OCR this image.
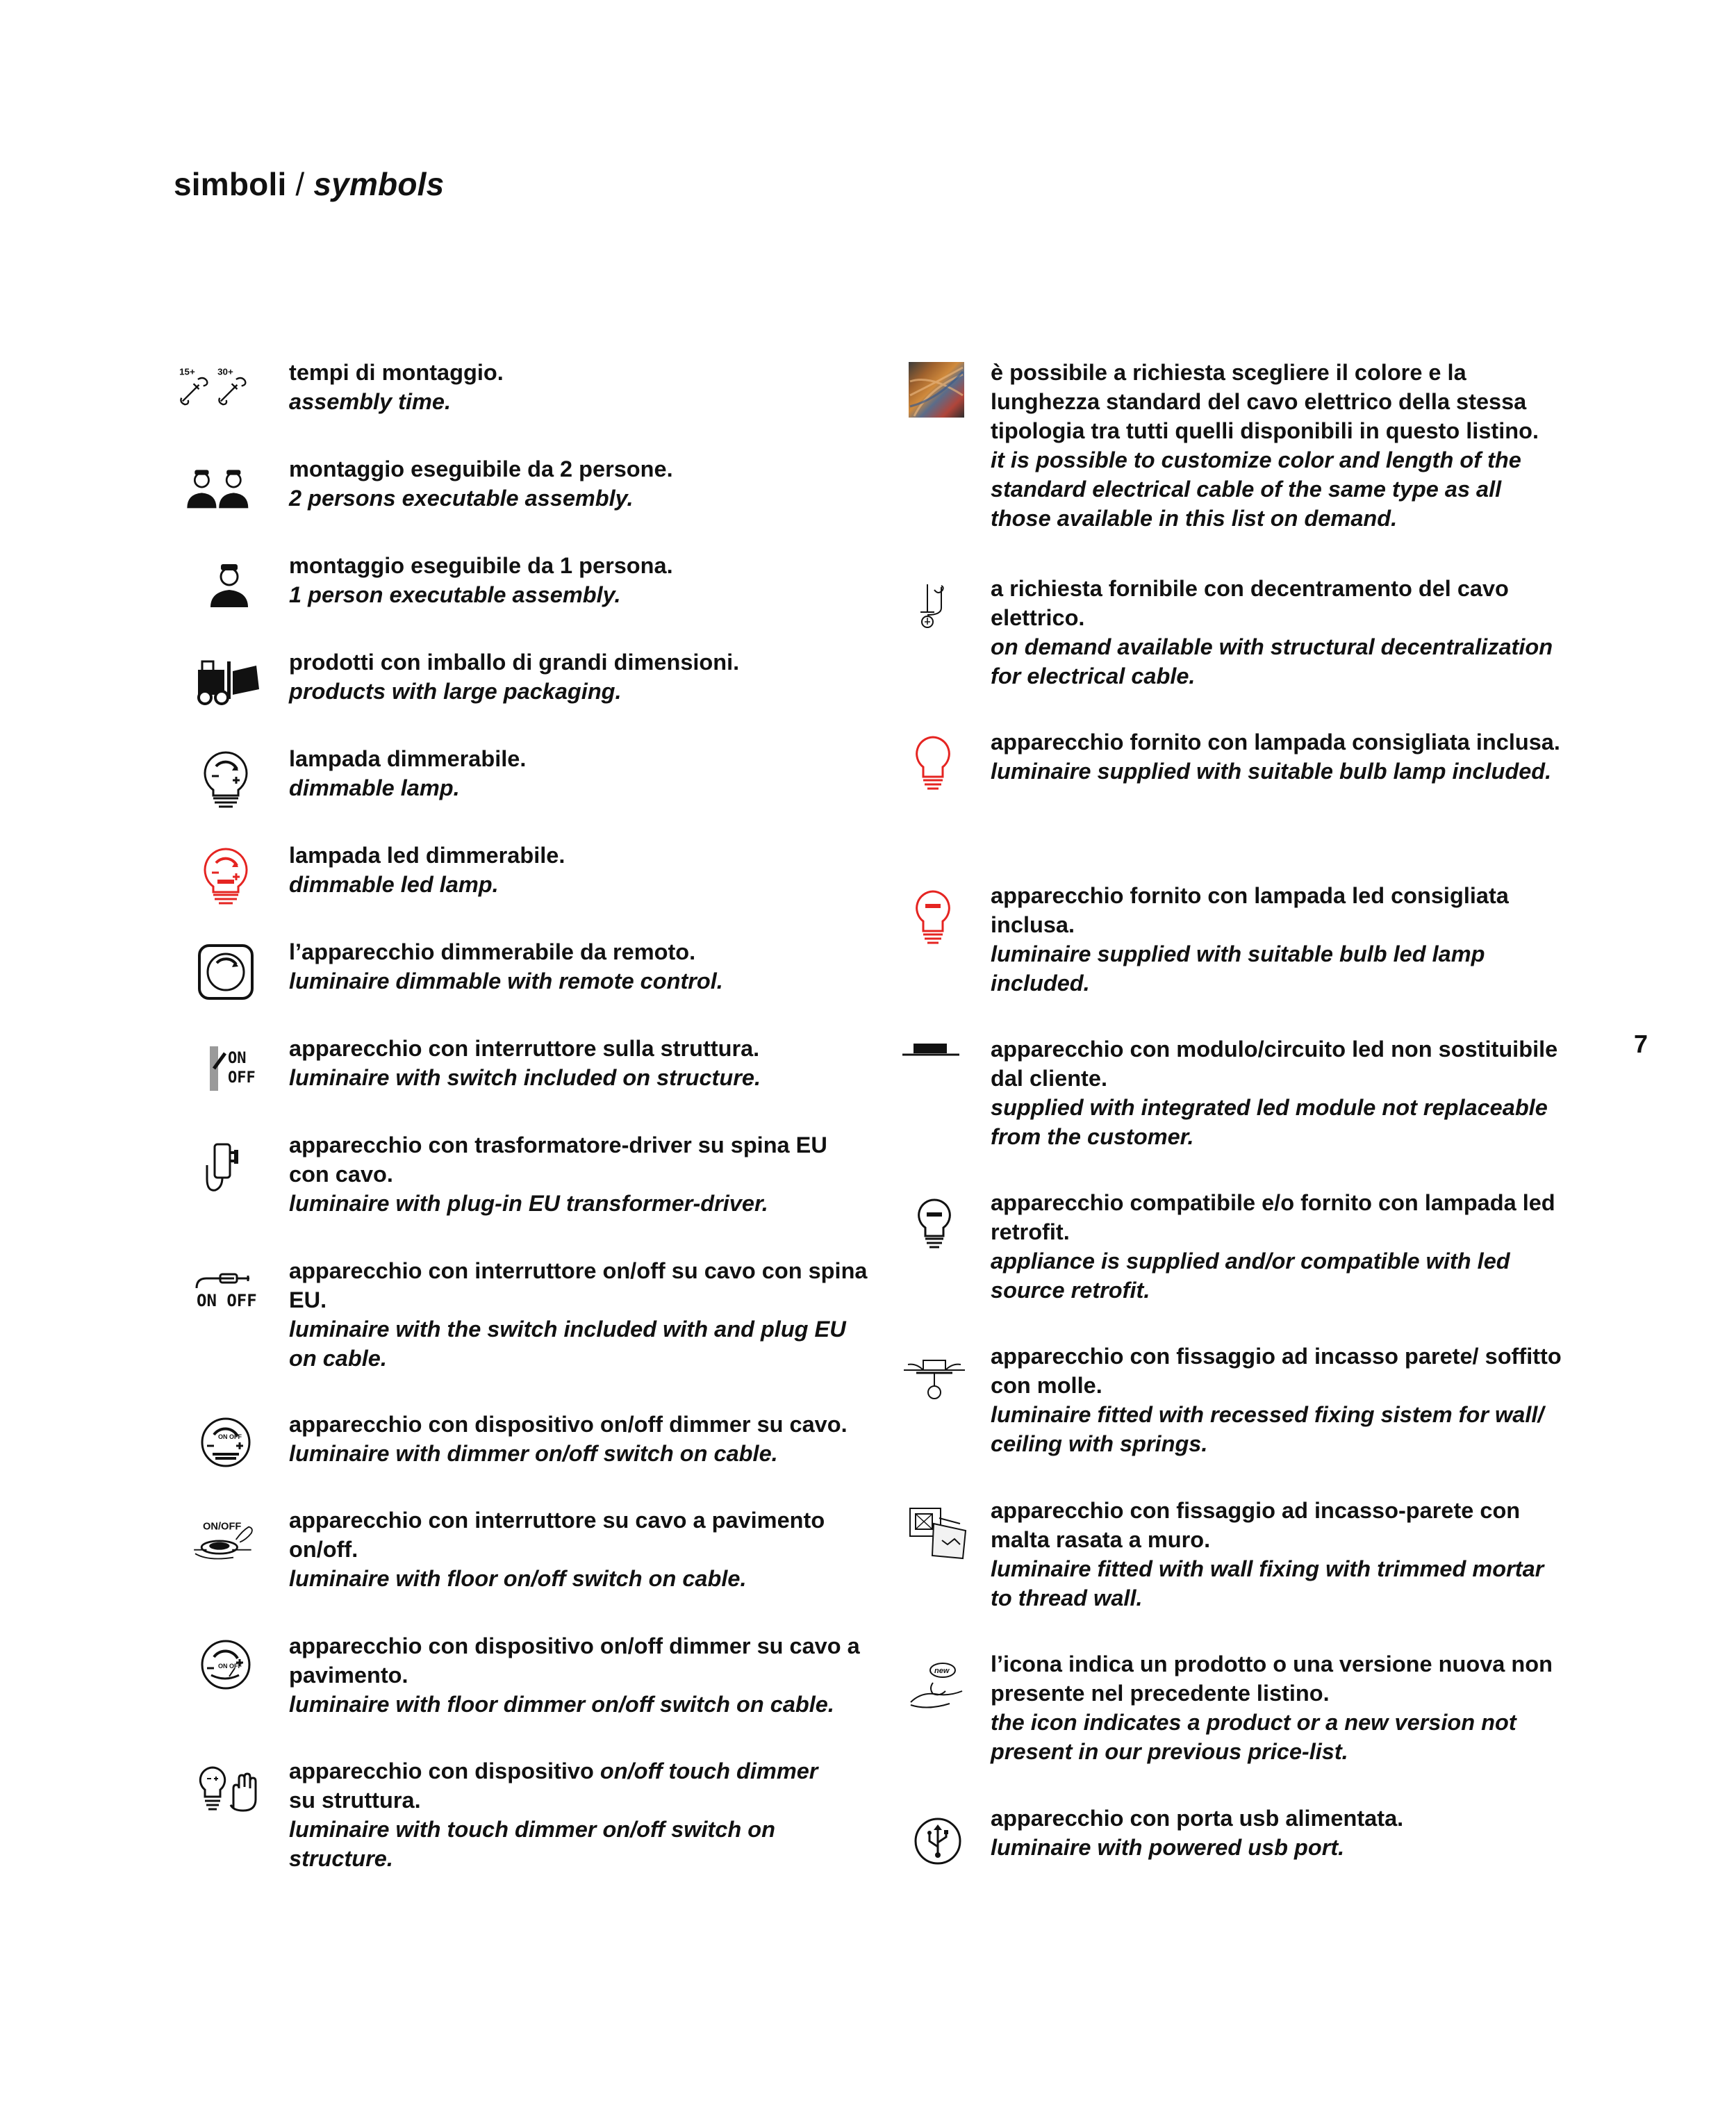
simboli / symbols
7
15+ 30+ tempi di montaggio.
assembly time.
montaggio eseguibile da 2 persone.
2 persons executable assembly.
montaggio eseguibile da 1 persona.
1 person executable assembly.
prodotti con imballo di grandi dimensioni.
products with large packaging.
lampada dimmerabile.
dimmable lamp.
lampada led dimmerabile.
dimmable led lamp.
l’apparecchio dimmerabile da remoto.
luminaire dimmable with remote control.
ON
OFF
apparecchio con interruttore sulla struttura.
luminaire with switch included on structure.
apparecchio con trasformatore-driver su spina EU con cavo.
luminaire with plug-in EU transformer-driver.
ON OFF
apparecchio con interruttore on/off su cavo con spina EU.
luminaire with the switch included with and plug EU on cable.
ON OFF apparecchio con dispositivo on/off dimmer su cavo.
luminaire with dimmer on/off switch on cable.
ON/OFF apparecchio con interruttore su cavo a pavimento on/off.
luminaire with floor on/off switch on cable.
ON OFF
apparecchio con dispositivo on/off dimmer su cavo a pavimento.
luminaire with floor dimmer on/off switch on cable.
apparecchio con dispositivo on/off touch dimmer
su struttura.
luminaire with touch dimmer on/off switch on structure.
è possibile a richiesta scegliere il colore e la lunghezza standard del cavo elettrico della stessa tipologia tra tutti quelli disponibili in questo listino.
it is possible to customize color and length of the standard electrical cable of the same type as all those available in this list on demand.
a richiesta fornibile con decentramento del cavo elettrico.
on demand available with structural decentralization for electrical cable.
apparecchio fornito con lampada consigliata inclusa.
luminaire supplied with suitable bulb lamp included.
apparecchio fornito con lampada led consigliata inclusa.
luminaire supplied with suitable bulb led lamp included.
apparecchio con modulo/circuito led non sostituibile dal cliente.
supplied with integrated led module not replaceable from the customer.
apparecchio compatibile e/o fornito con lampada led retrofit.
appliance is supplied and/or compatible with led source retrofit.
apparecchio con fissaggio ad incasso parete/ soffitto con molle.
luminaire fitted with recessed fixing sistem for wall/ ceiling with springs.
apparecchio con fissaggio ad incasso-parete con malta rasata a muro.
luminaire fitted with wall fixing with trimmed mortar to thread wall.
new l’icona indica un prodotto o una versione nuova non presente nel precedente listino.
the icon indicates a product or a new version not present in our previous price-list.
apparecchio con porta usb alimentata.
luminaire with powered usb port.
